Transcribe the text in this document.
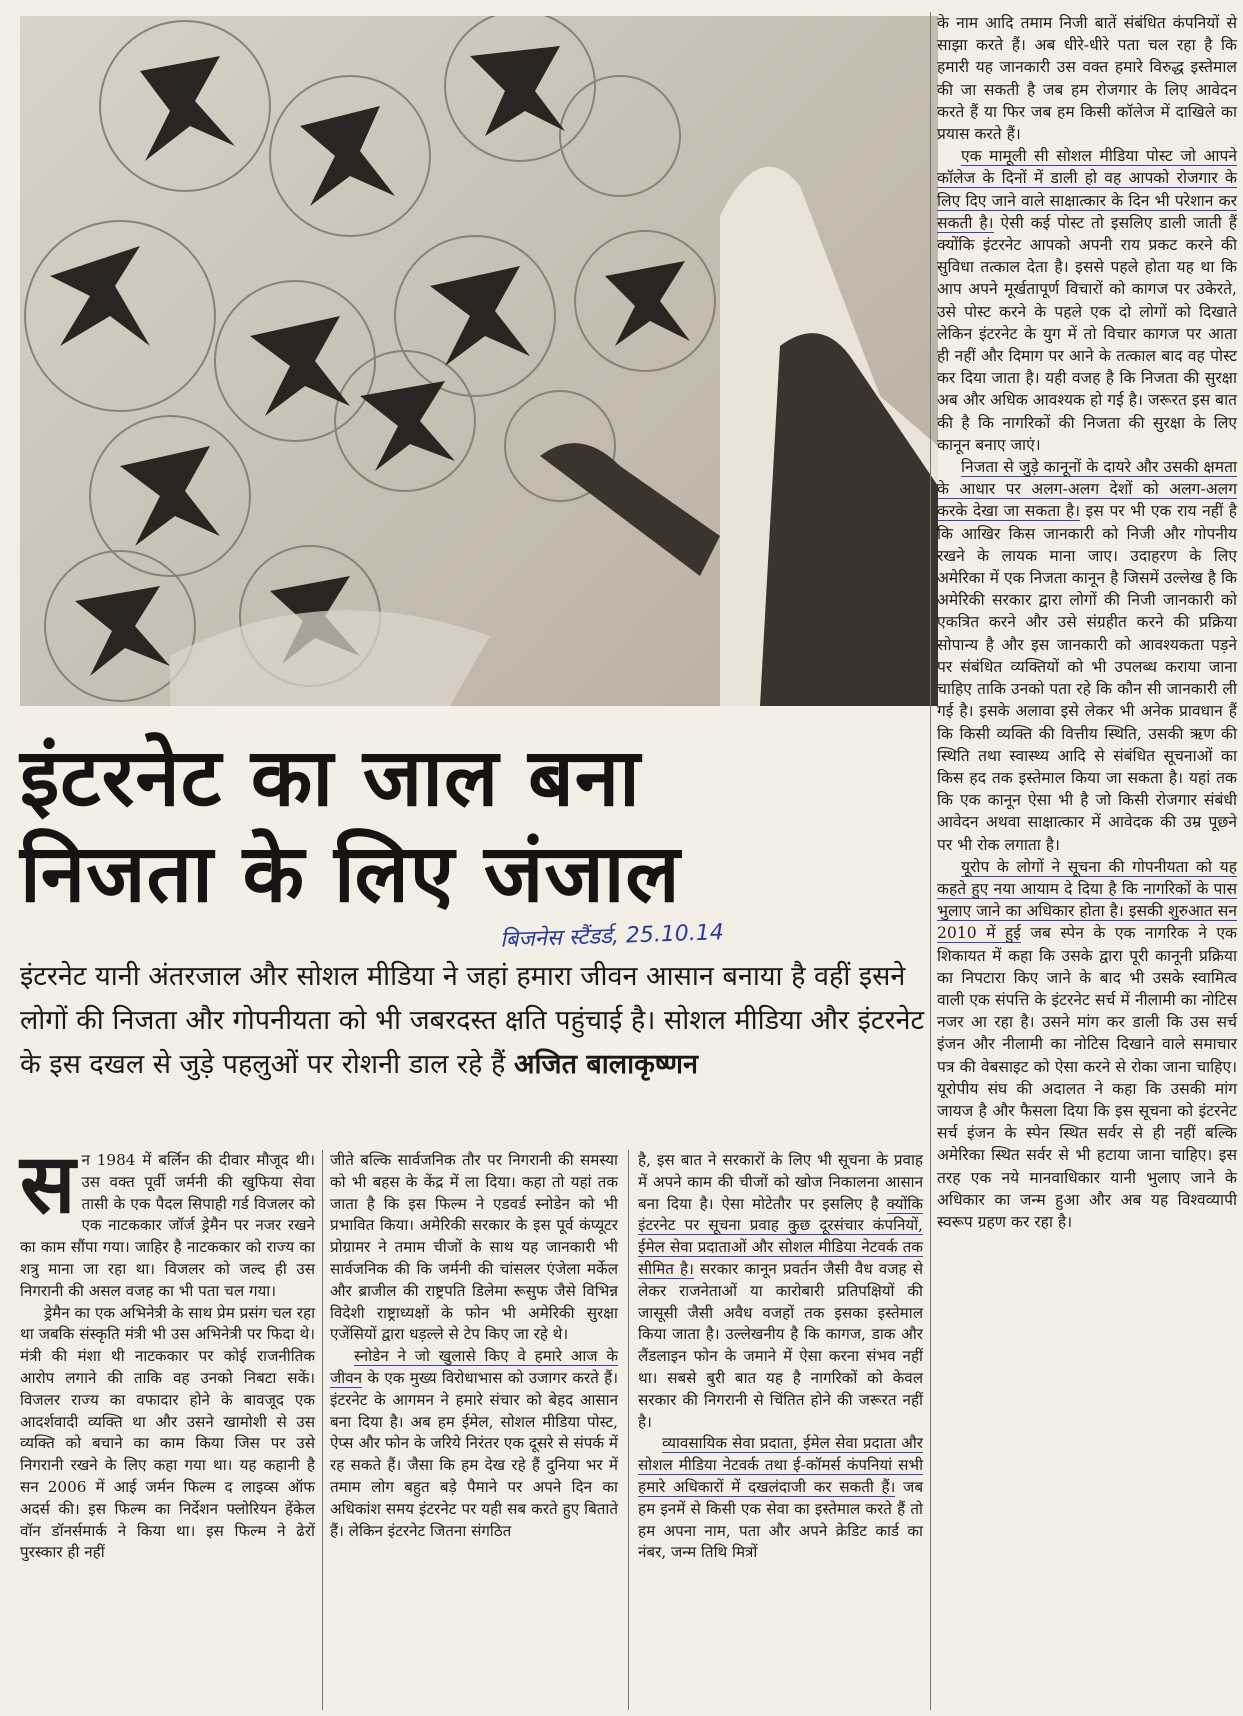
विनय सिन्हा
इंटरनेट का जाल बना
निजता के लिए जंजाल
बिजनेस स्टैंडर्ड, 25.10.14
इंटरनेट यानी अंतरजाल और सोशल मीडिया ने जहां हमारा जीवन आसान बनाया है वहीं इसने लोगों की निजता और गोपनीयता को भी जबरदस्त क्षति पहुंचाई है। सोशल मीडिया और इंटरनेट के इस दखल से जुड़े पहलुओं पर रोशनी डाल रहे हैं अजित बालाकृष्णन

सन 1984 में बर्लिन की दीवार मौजूद थी। उस वक्त पूर्वी जर्मनी की खुफिया सेवा तासी के एक पैदल सिपाही गर्ड विजलर को एक नाटककार जॉर्ज ड्रेमैन पर नजर रखने का काम सौंपा गया। जाहिर है नाटककार को राज्य का शत्रु माना जा रहा था। विजलर को जल्द ही उस निगरानी की असल वजह का भी पता चल गया।

ड्रेमैन का एक अभिनेत्री के साथ प्रेम प्रसंग चल रहा था जबकि संस्कृति मंत्री भी उस अभिनेत्री पर फिदा थे। मंत्री की मंशा थी नाटककार पर कोई राजनीतिक आरोप लगाने की ताकि वह उनको निबटा सकें। विजलर राज्य का वफादार होने के बावजूद एक आदर्शवादी व्यक्ति था और उसने खामोशी से उस व्यक्ति को बचाने का काम किया जिस पर उसे निगरानी रखने के लिए कहा गया था। यह कहानी है सन 2006 में आई जर्मन फिल्म द लाइव्स ऑफ अदर्स की। इस फिल्म का निर्देशन फ्लोरियन हेंकेल वॉन डॉनर्समार्क ने किया था। इस फिल्म ने ढेरों पुरस्कार ही नहीं

जीते बल्कि सार्वजनिक तौर पर निगरानी की समस्या को भी बहस के केंद्र में ला दिया। कहा तो यहां तक जाता है कि इस फिल्म ने एडवर्ड स्नोडेन को भी प्रभावित किया। अमेरिकी सरकार के इस पूर्व कंप्यूटर प्रोग्रामर ने तमाम चीजों के साथ यह जानकारी भी सार्वजनिक की कि जर्मनी की चांसलर एंजेला मर्केल और ब्राजील की राष्ट्रपति डिलेमा रूसुफ जैसे विभिन्न विदेशी राष्ट्राध्यक्षों के फोन भी अमेरिकी सुरक्षा एजेंसियों द्वारा धड़ल्ले से टेप किए जा रहे थे।

स्नोडेन ने जो खुलासे किए वे हमारे आज के जीवन के एक मुख्य विरोधाभास को उजागर करते हैं। इंटरनेट के आगमन ने हमारे संचार को बेहद आसान बना दिया है। अब हम ईमेल, सोशल मीडिया पोस्ट, ऐप्स और फोन के जरिये निरंतर एक दूसरे से संपर्क में रह सकते हैं। जैसा कि हम देख रहे हैं दुनिया भर में तमाम लोग बहुत बड़े पैमाने पर अपने दिन का अधिकांश समय इंटरनेट पर यही सब करते हुए बिताते हैं। लेकिन इंटरनेट जितना संगठित

है, इस बात ने सरकारों के लिए भी सूचना के प्रवाह में अपने काम की चीजों को खोज निकालना आसान बना दिया है। ऐसा मोटेतौर पर इसलिए है क्योंकि इंटरनेट पर सूचना प्रवाह कुछ दूरसंचार कंपनियों, ईमेल सेवा प्रदाताओं और सोशल मीडिया नेटवर्क तक सीमित है। सरकार कानून प्रवर्तन जैसी वैध वजह से लेकर राजनेताओं या कारोबारी प्रतिपक्षियों की जासूसी जैसी अवैध वजहों तक इसका इस्तेमाल किया जाता है। उल्लेखनीय है कि कागज, डाक और लैंडलाइन फोन के जमाने में ऐसा करना संभव नहीं था। सबसे बुरी बात यह है नागरिकों को केवल सरकार की निगरानी से चिंतित होने की जरूरत नहीं है।

व्यावसायिक सेवा प्रदाता, ईमेल सेवा प्रदाता और सोशल मीडिया नेटवर्क तथा ई-कॉमर्स कंपनियां सभी हमारे अधिकारों में दखलंदाजी कर सकती हैं। जब हम इनमें से किसी एक सेवा का इस्तेमाल करते हैं तो हम अपना नाम, पता और अपने क्रेडिट कार्ड का नंबर, जन्म तिथि मित्रों

के नाम आदि तमाम निजी बातें संबंधित कंपनियों से साझा करते हैं। अब धीरे-धीरे पता चल रहा है कि हमारी यह जानकारी उस वक्त हमारे विरुद्ध इस्तेमाल की जा सकती है जब हम रोजगार के लिए आवेदन करते हैं या फिर जब हम किसी कॉलेज में दाखिले का प्रयास करते हैं।

एक मामूली सी सोशल मीडिया पोस्ट जो आपने कॉलेज के दिनों में डाली हो वह आपको रोजगार के लिए दिए जाने वाले साक्षात्कार के दिन भी परेशान कर सकती है। ऐसी कई पोस्ट तो इसलिए डाली जाती हैं क्योंकि इंटरनेट आपको अपनी राय प्रकट करने की सुविधा तत्काल देता है। इससे पहले होता यह था कि आप अपने मूर्खतापूर्ण विचारों को कागज पर उकेरते, उसे पोस्ट करने के पहले एक दो लोगों को दिखाते लेकिन इंटरनेट के युग में तो विचार कागज पर आता ही नहीं और दिमाग पर आने के तत्काल बाद वह पोस्ट कर दिया जाता है। यही वजह है कि निजता की सुरक्षा अब और अधिक आवश्यक हो गई है। जरूरत इस बात की है कि नागरिकों की निजता की सुरक्षा के लिए कानून बनाए जाएं।

निजता से जुड़े कानूनों के दायरे और उसकी क्षमता के आधार पर अलग-अलग देशों को अलग-अलग करके देखा जा सकता है। इस पर भी एक राय नहीं है कि आखिर किस जानकारी को निजी और गोपनीय रखने के लायक माना जाए। उदाहरण के लिए अमेरिका में एक निजता कानून है जिसमें उल्लेख है कि अमेरिकी सरकार द्वारा लोगों की निजी जानकारी को एकत्रित करने और उसे संग्रहीत करने की प्रक्रिया सोपान्य है और इस जानकारी को आवश्यकता पड़ने पर संबंधित व्यक्तियों को भी उपलब्ध कराया जाना चाहिए ताकि उनको पता रहे कि कौन सी जानकारी ली गई है। इसके अलावा इसे लेकर भी अनेक प्रावधान हैं कि किसी व्यक्ति की वित्तीय स्थिति, उसकी ऋण की स्थिति तथा स्वास्थ्य आदि से संबंधित सूचनाओं का किस हद तक इस्तेमाल किया जा सकता है। यहां तक कि एक कानून ऐसा भी है जो किसी रोजगार संबंधी आवेदन अथवा साक्षात्कार में आवेदक की उम्र पूछने पर भी रोक लगाता है।

यूरोप के लोगों ने सूचना की गोपनीयता को यह कहते हुए नया आयाम दे दिया है कि नागरिकों के पास भुलाए जाने का अधिकार होता है। इसकी शुरुआत सन 2010 में हुई जब स्पेन के एक नागरिक ने एक शिकायत में कहा कि उसके द्वारा पूरी कानूनी प्रक्रिया का निपटारा किए जाने के बाद भी उसके स्वामित्व वाली एक संपत्ति के इंटरनेट सर्च में नीलामी का नोटिस नजर आ रहा है। उसने मांग कर डाली कि उस सर्च इंजन और नीलामी का नोटिस दिखाने वाले समाचार पत्र की वेबसाइट को ऐसा करने से रोका जाना चाहिए। यूरोपीय संघ की अदालत ने कहा कि उसकी मांग जायज है और फैसला दिया कि इस सूचना को इंटरनेट सर्च इंजन के स्पेन स्थित सर्वर से ही नहीं बल्कि अमेरिका स्थित सर्वर से भी हटाया जाना चाहिए। इस तरह एक नये मानवाधिकार यानी भुलाए जाने के अधिकार का जन्म हुआ और अब यह विश्वव्यापी स्वरूप ग्रहण कर रहा है।
